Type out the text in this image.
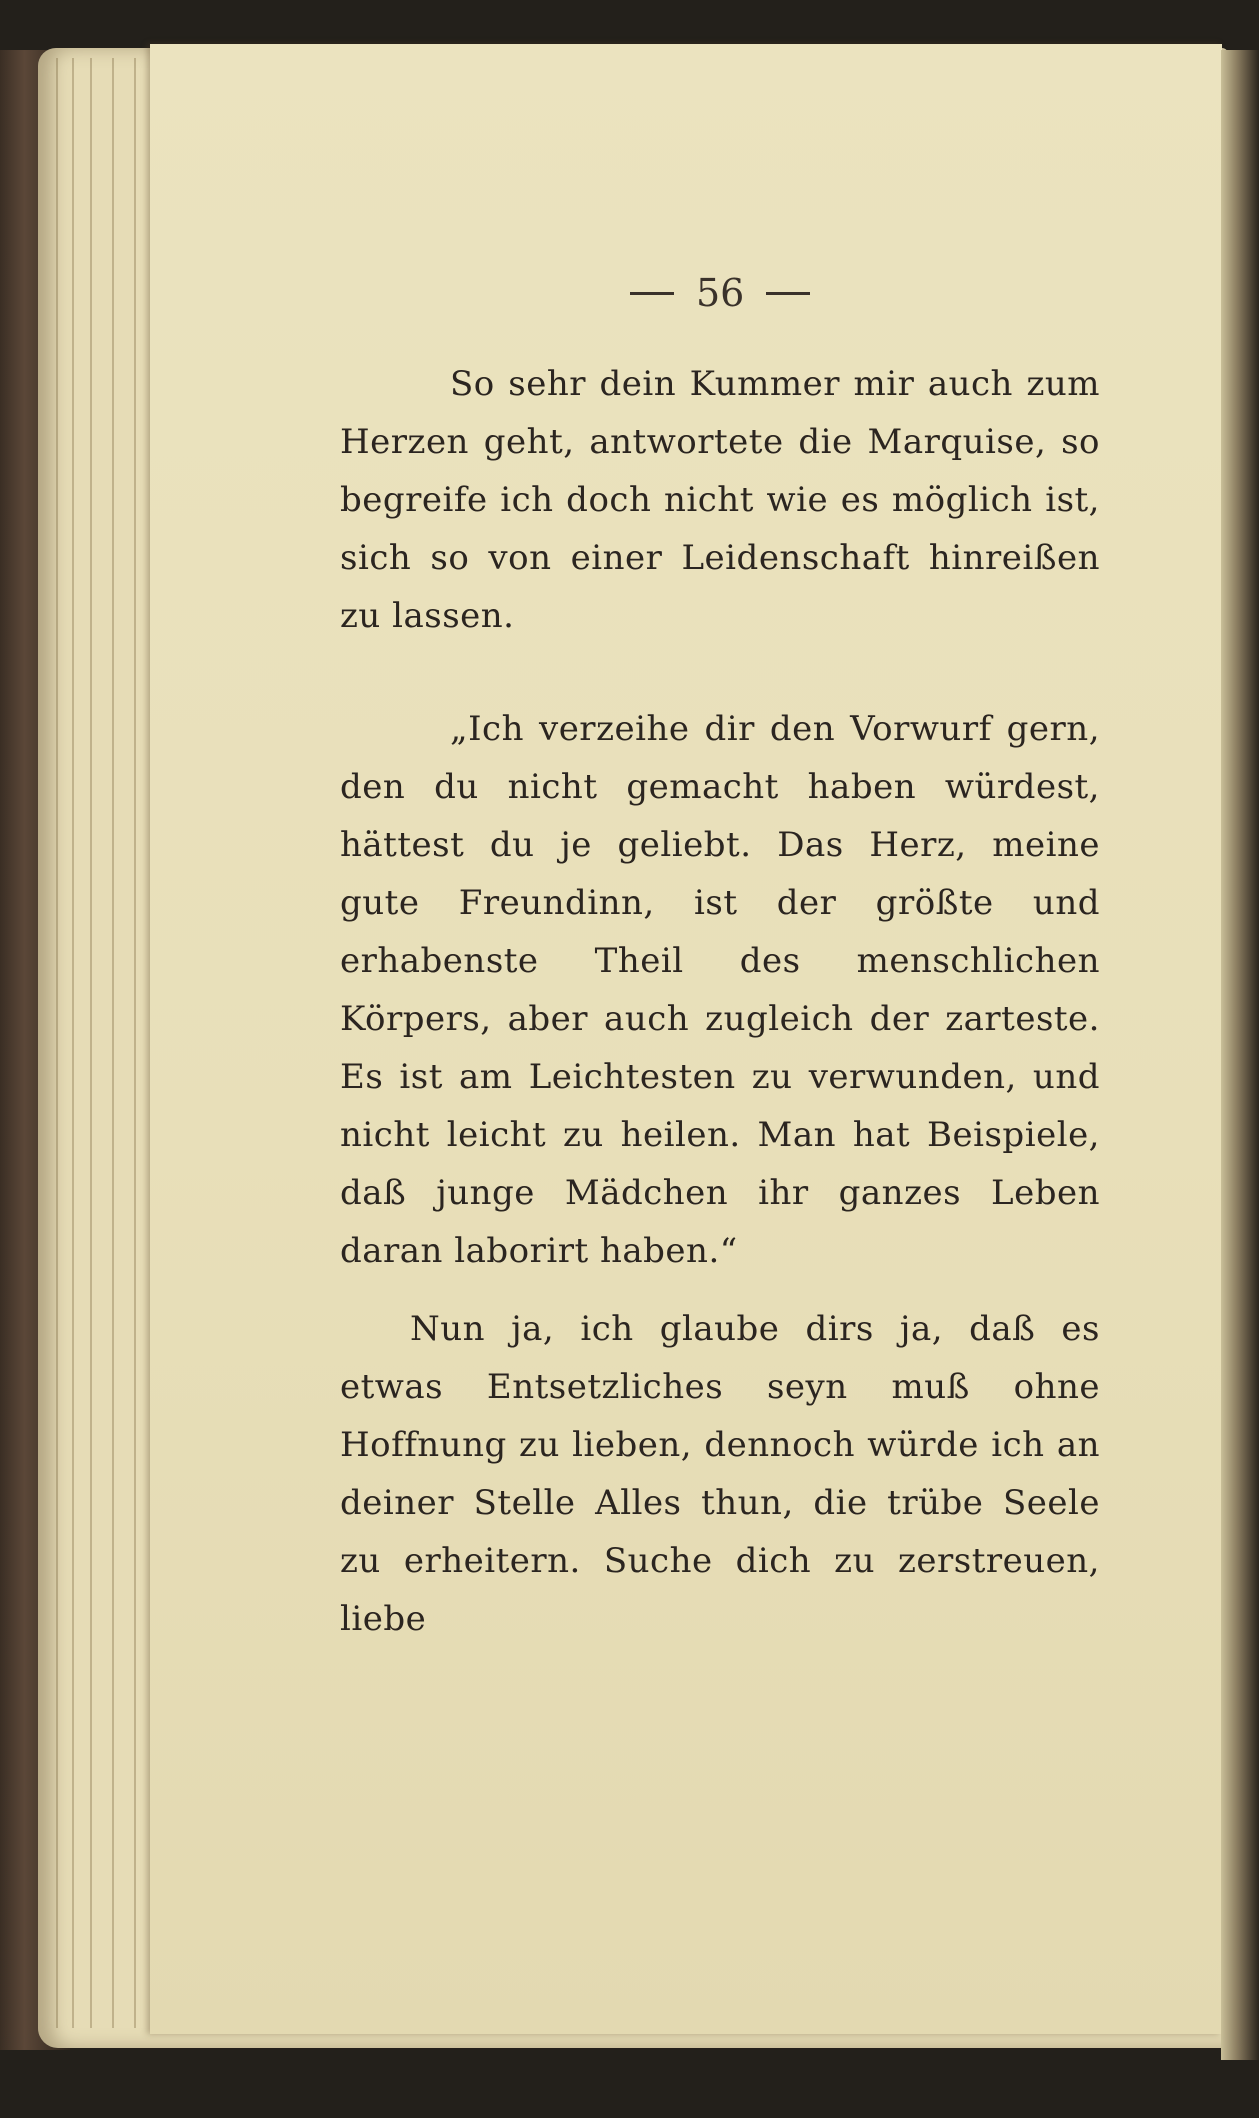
56
So sehr dein Kummer mir auch zum Herzen geht, antwortete die Marquise, so begreife ich doch nicht wie es möglich ist, sich so von einer Leidenschaft hinreißen zu lassen.
„Ich verzeihe dir den Vorwurf gern, den du nicht gemacht haben würdest, hättest du je geliebt. Das Herz, meine gute Freundinn, ist der größte und erhabenste Theil des menschlichen Körpers, aber auch zugleich der zarteste. Es ist am Leichtesten zu verwunden, und nicht leicht zu heilen. Man hat Beispiele, daß junge Mädchen ihr ganzes Leben daran laborirt haben.“
Nun ja, ich glaube dirs ja, daß es etwas Entsetzliches seyn muß ohne Hoffnung zu lieben, dennoch würde ich an deiner Stelle Alles thun, die trübe Seele zu erheitern. Suche dich zu zerstreuen, liebe
